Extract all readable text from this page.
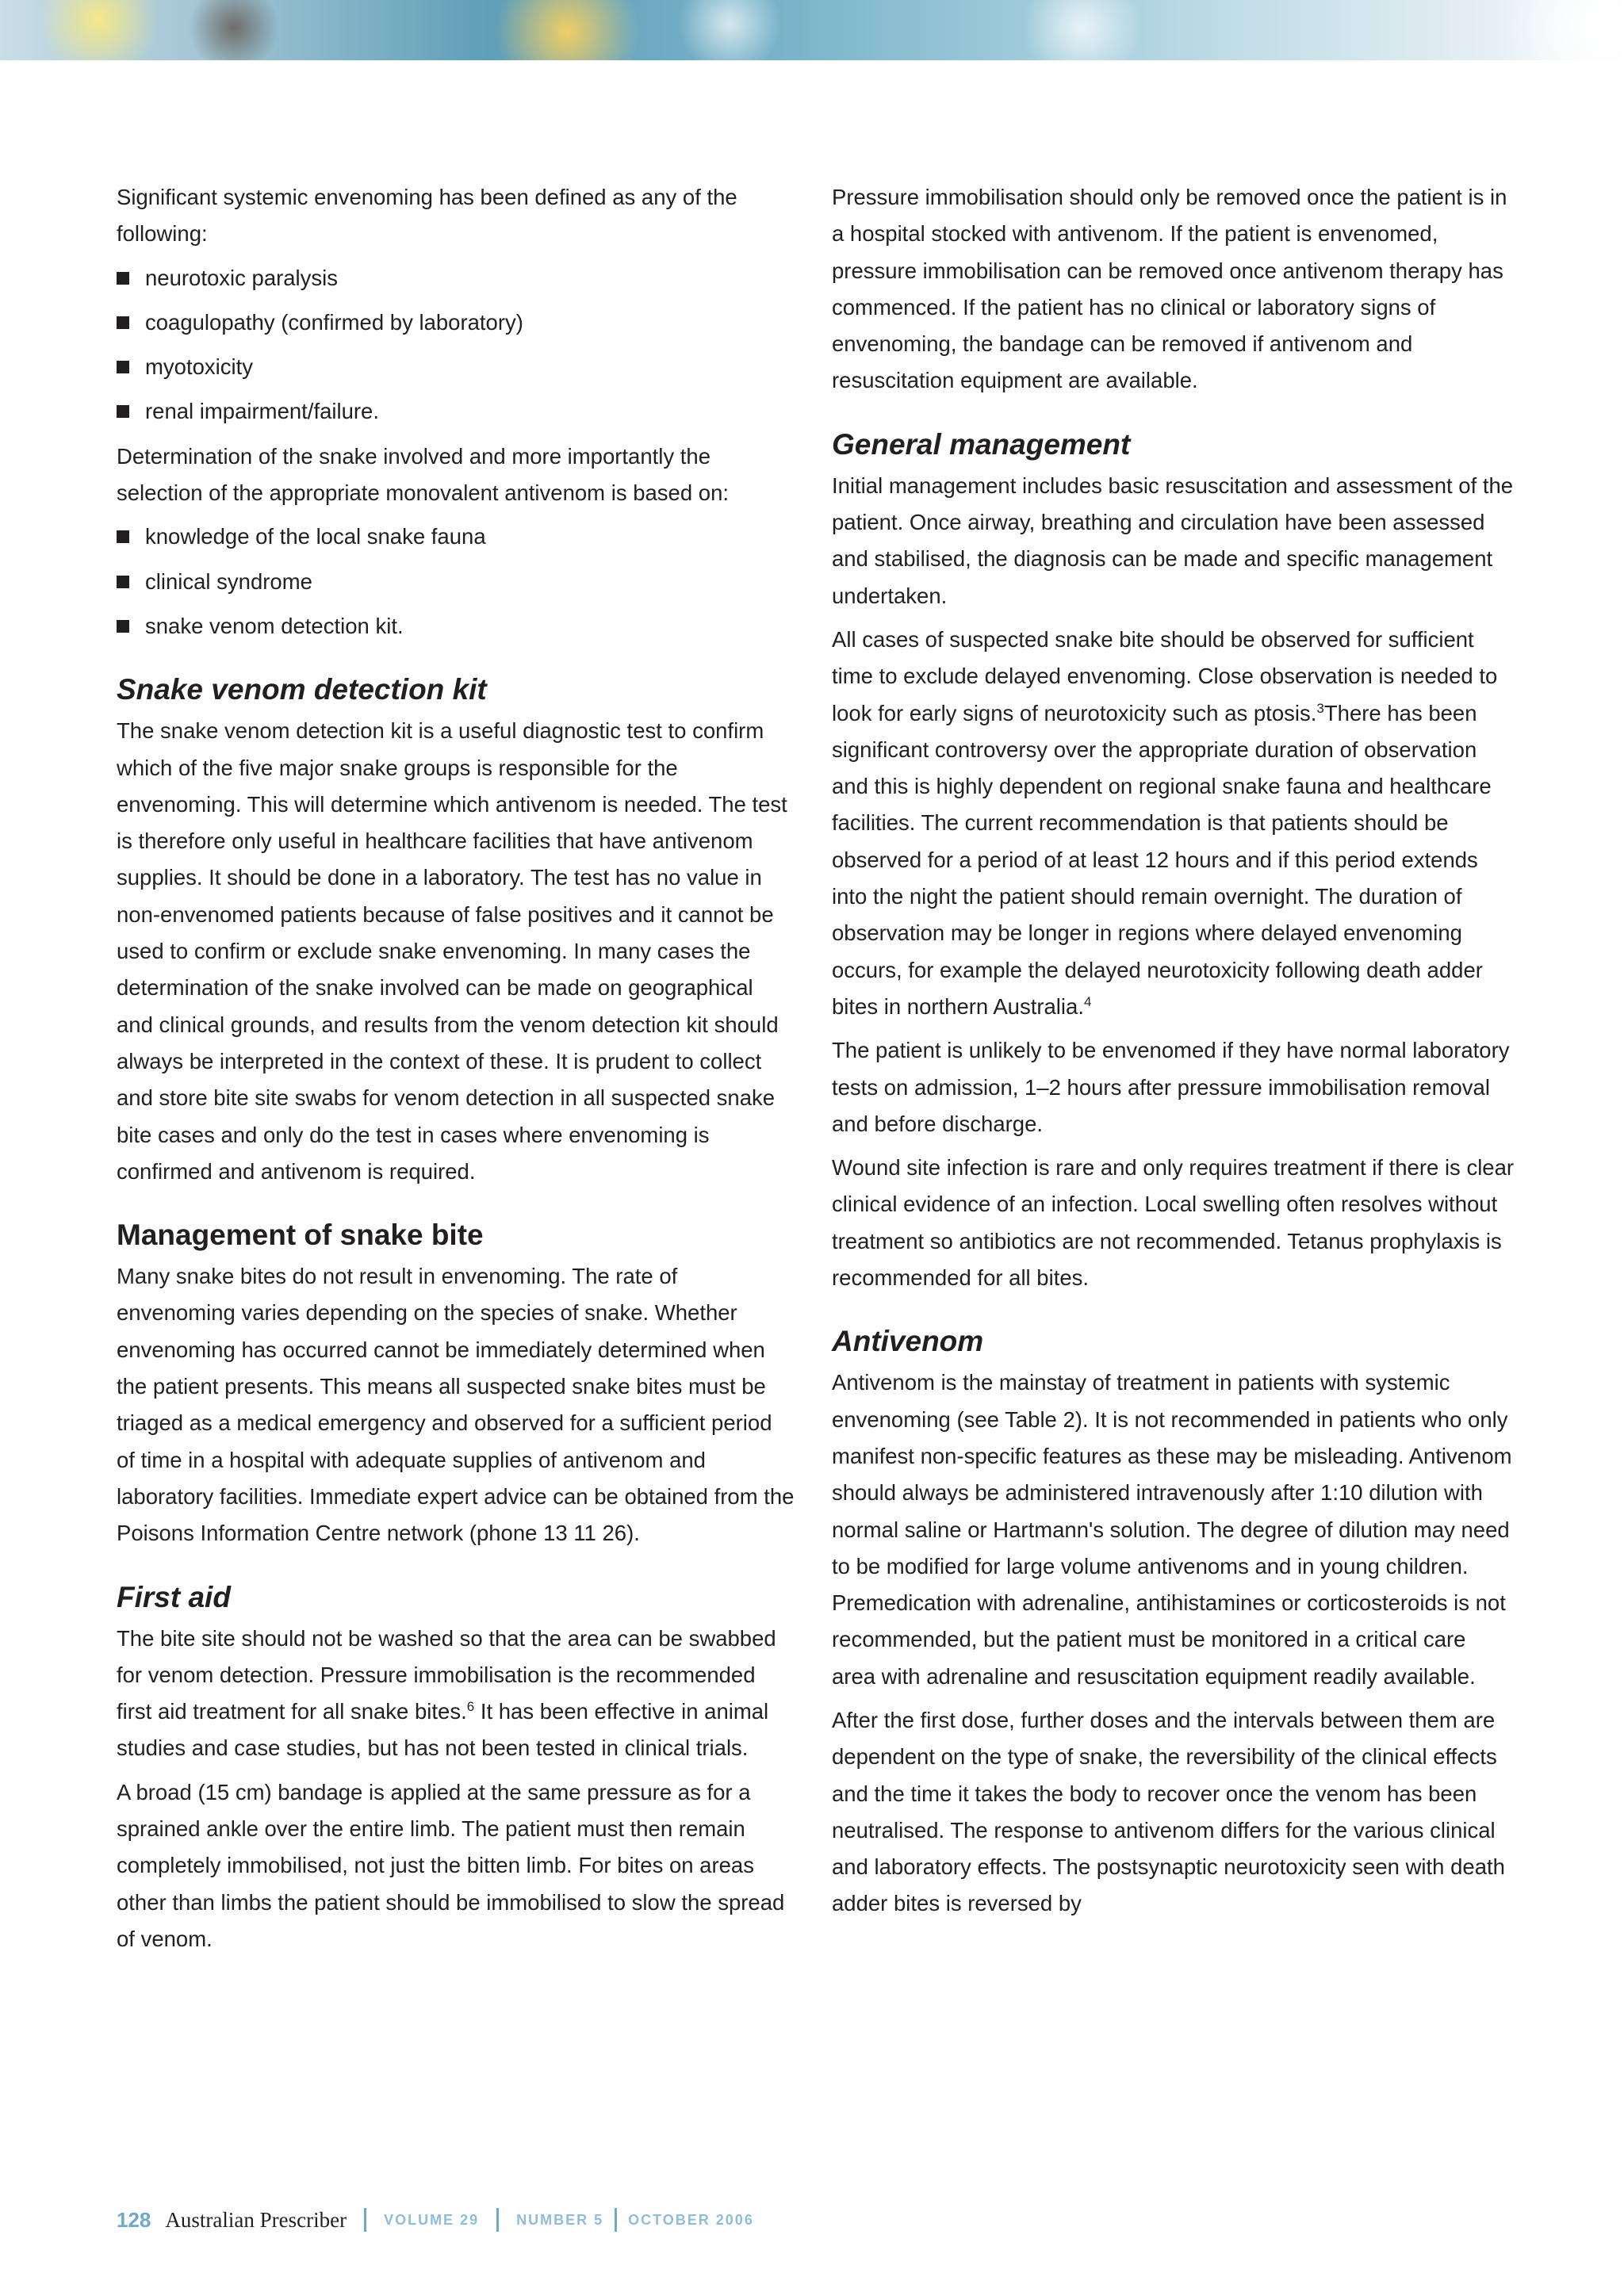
Significant systemic envenoming has been defined as any of the following:

neurotoxic paralysis
coagulopathy (confirmed by laboratory)
myotoxicity
renal impairment/failure.

Determination of the snake involved and more importantly the selection of the appropriate monovalent antivenom is based on:

knowledge of the local snake fauna
clinical syndrome
snake venom detection kit.
Snake venom detection kit

The snake venom detection kit is a useful diagnostic test to confirm which of the five major snake groups is responsible for the envenoming. This will determine which antivenom is needed. The test is therefore only useful in healthcare facilities that have antivenom supplies. It should be done in a laboratory. The test has no value in non-envenomed patients because of false positives and it cannot be used to confirm or exclude snake envenoming. In many cases the determination of the snake involved can be made on geographical and clinical grounds, and results from the venom detection kit should always be interpreted in the context of these. It is prudent to collect and store bite site swabs for venom detection in all suspected snake bite cases and only do the test in cases where envenoming is confirmed and antivenom is required.

Management of snake bite

Many snake bites do not result in envenoming. The rate of envenoming varies depending on the species of snake. Whether envenoming has occurred cannot be immediately determined when the patient presents. This means all suspected snake bites must be triaged as a medical emergency and observed for a sufficient period of time in a hospital with adequate supplies of antivenom and laboratory facilities. Immediate expert advice can be obtained from the Poisons Information Centre network (phone 13 11 26).

First aid

The bite site should not be washed so that the area can be swabbed for venom detection. Pressure immobilisation is the recommended first aid treatment for all snake bites.$^6$ It has been effective in animal studies and case studies, but has not been tested in clinical trials.

A broad (15 cm) bandage is applied at the same pressure as for a sprained ankle over the entire limb. The patient must then remain completely immobilised, not just the bitten limb. For bites on areas other than limbs the patient should be immobilised to slow the spread of venom.

Pressure immobilisation should only be removed once the patient is in a hospital stocked with antivenom. If the patient is envenomed, pressure immobilisation can be removed once antivenom therapy has commenced. If the patient has no clinical or laboratory signs of envenoming, the bandage can be removed if antivenom and resuscitation equipment are available.

General management

Initial management includes basic resuscitation and assessment of the patient. Once airway, breathing and circulation have been assessed and stabilised, the diagnosis can be made and specific management undertaken.

All cases of suspected snake bite should be observed for sufficient time to exclude delayed envenoming. Close observation is needed to look for early signs of neurotoxicity such as ptosis.$^3$There has been significant controversy over the appropriate duration of observation and this is highly dependent on regional snake fauna and healthcare facilities. The current recommendation is that patients should be observed for a period of at least 12 hours and if this period extends into the night the patient should remain overnight. The duration of observation may be longer in regions where delayed envenoming occurs, for example the delayed neurotoxicity following death adder bites in northern Australia.$^4$

The patient is unlikely to be envenomed if they have normal laboratory tests on admission, 1–2 hours after pressure immobilisation removal and before discharge.

Wound site infection is rare and only requires treatment if there is clear clinical evidence of an infection. Local swelling often resolves without treatment so antibiotics are not recommended. Tetanus prophylaxis is recommended for all bites.

Antivenom

Antivenom is the mainstay of treatment in patients with systemic envenoming (see Table 2). It is not recommended in patients who only manifest non-specific features as these may be misleading. Antivenom should always be administered intravenously after 1:10 dilution with normal saline or Hartmann's solution. The degree of dilution may need to be modified for large volume antivenoms and in young children. Premedication with adrenaline, antihistamines or corticosteroids is not recommended, but the patient must be monitored in a critical care area with adrenaline and resuscitation equipment readily available.

After the first dose, further doses and the intervals between them are dependent on the type of snake, the reversibility of the clinical effects and the time it takes the body to recover once the venom has been neutralised. The response to antivenom differs for the various clinical and laboratory effects. The postsynaptic neurotoxicity seen with death adder bites is reversed by

128 Australian Prescriber	VOLUME 29	NUMBER 5 OCTOBER 2006
